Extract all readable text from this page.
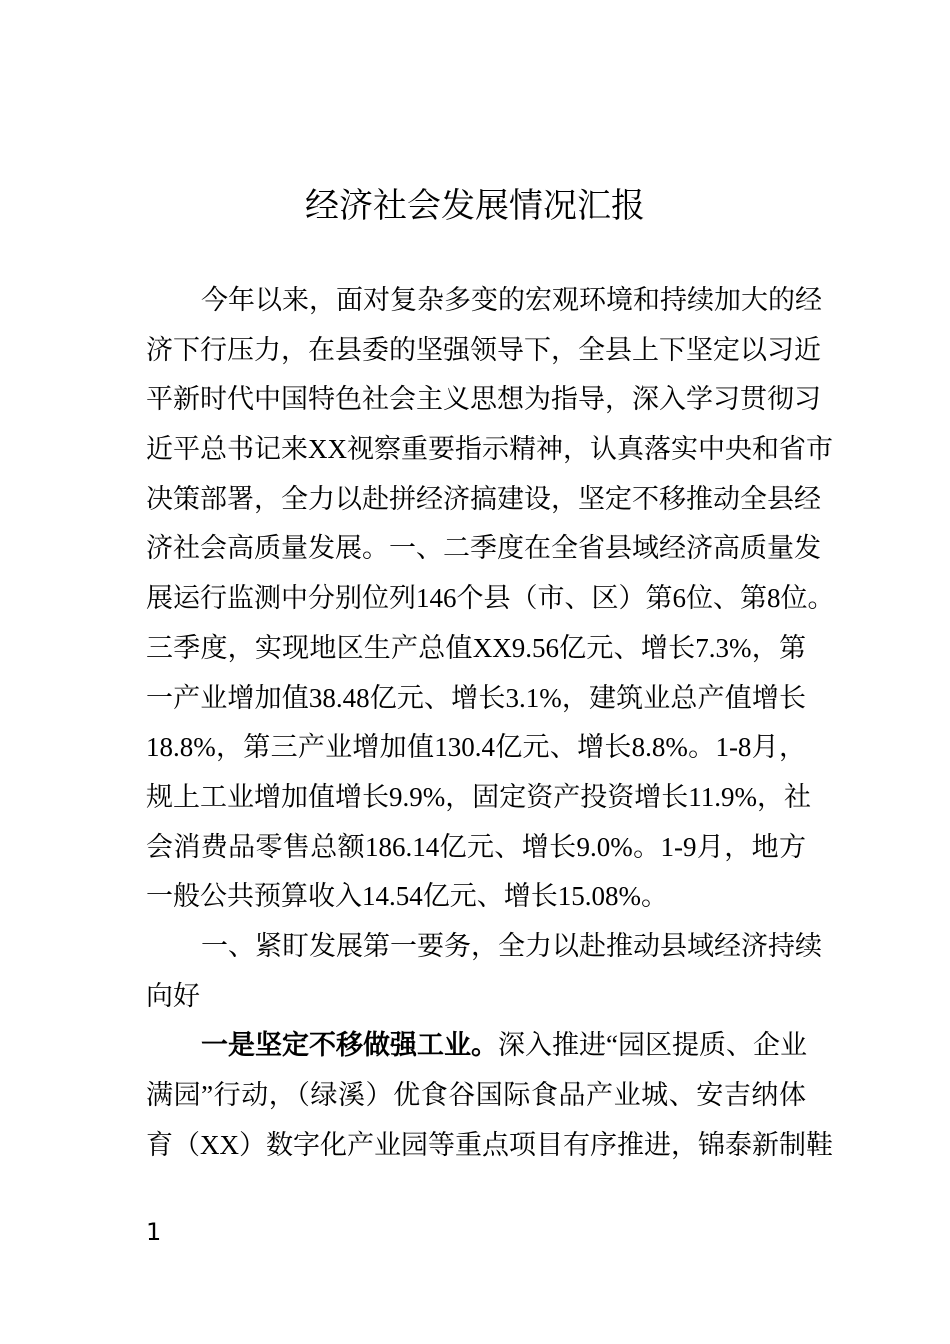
经济社会发展情况汇报
今年以来，面对复杂多变的宏观环境和持续加大的经
济下行压力，在县委的坚强领导下，全县上下坚定以习近
平新时代中国特色社会主义思想为指导，深入学习贯彻习
近平总书记来XX视察重要指示精神，认真落实中央和省市
决策部署，全力以赴拼经济搞建设，坚定不移推动全县经
济社会高质量发展。一、二季度在全省县域经济高质量发
展运行监测中分别位列146个县（市、区）第6位、第8位。
三季度，实现地区生产总值XX9.56亿元、增长7.3%，第
一产业增加值38.48亿元、增长3.1%，建筑业总产值增长
18.8%，第三产业增加值130.4亿元、增长8.8%。1-8月，
规上工业增加值增长9.9%，固定资产投资增长11.9%，社
会消费品零售总额186.14亿元、增长9.0%。1-9月，地方
一般公共预算收入14.54亿元、增长15.08%。
一、紧盯发展第一要务，全力以赴推动县域经济持续
向好
一是坚定不移做强工业。深入推进“园区提质、企业
满园”行动，（绿溪）优食谷国际食品产业城、安吉纳体
育（XX）数字化产业园等重点项目有序推进，锦泰新制鞋
1
